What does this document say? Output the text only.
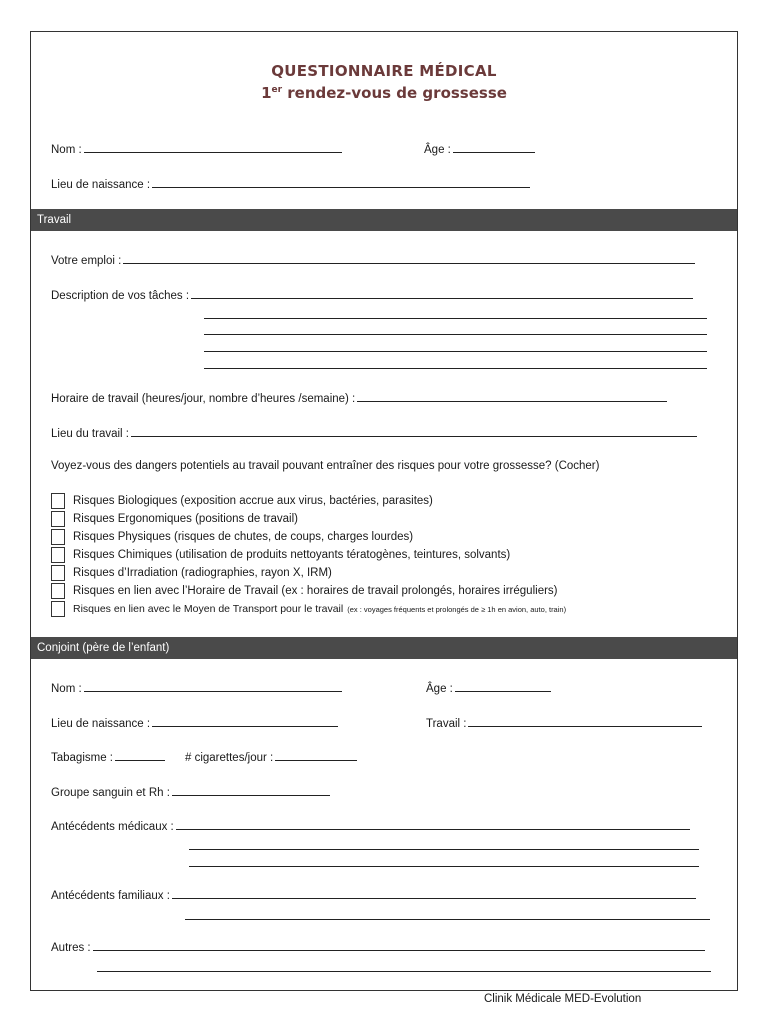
QUESTIONNAIRE MÉDICAL
1er rendez-vous de grossesse
Nom :	Âge :
Lieu de naissance :
Travail
Votre emploi :
Description de vos tâches :
Horaire de travail (heures/jour, nombre d’heures /semaine) :
Lieu du travail :
Voyez-vous des dangers potentiels au travail pouvant entraîner des risques pour votre grossesse? (Cocher)
Risques Biologiques (exposition accrue aux virus, bactéries, parasites)
Risques Ergonomiques (positions de travail)
Risques Physiques (risques de chutes, de coups, charges lourdes)
Risques Chimiques (utilisation de produits nettoyants tératogènes, teintures, solvants)
Risques d’Irradiation (radiographies, rayon X, IRM)
Risques en lien avec l’Horaire de Travail (ex : horaires de travail prolongés, horaires irréguliers)
Risques en lien avec le Moyen de Transport pour le travail (ex : voyages fréquents et prolongés de ≥ 1h en avion, auto, train)
Conjoint (père de l’enfant)
Nom :	Âge :
Lieu de naissance :	Travail :
Tabagisme :	# cigarettes/jour :
Groupe sanguin et Rh :
Antécédents médicaux :
Antécédents familiaux :
Autres :
Clinik Médicale MED-Evolution
